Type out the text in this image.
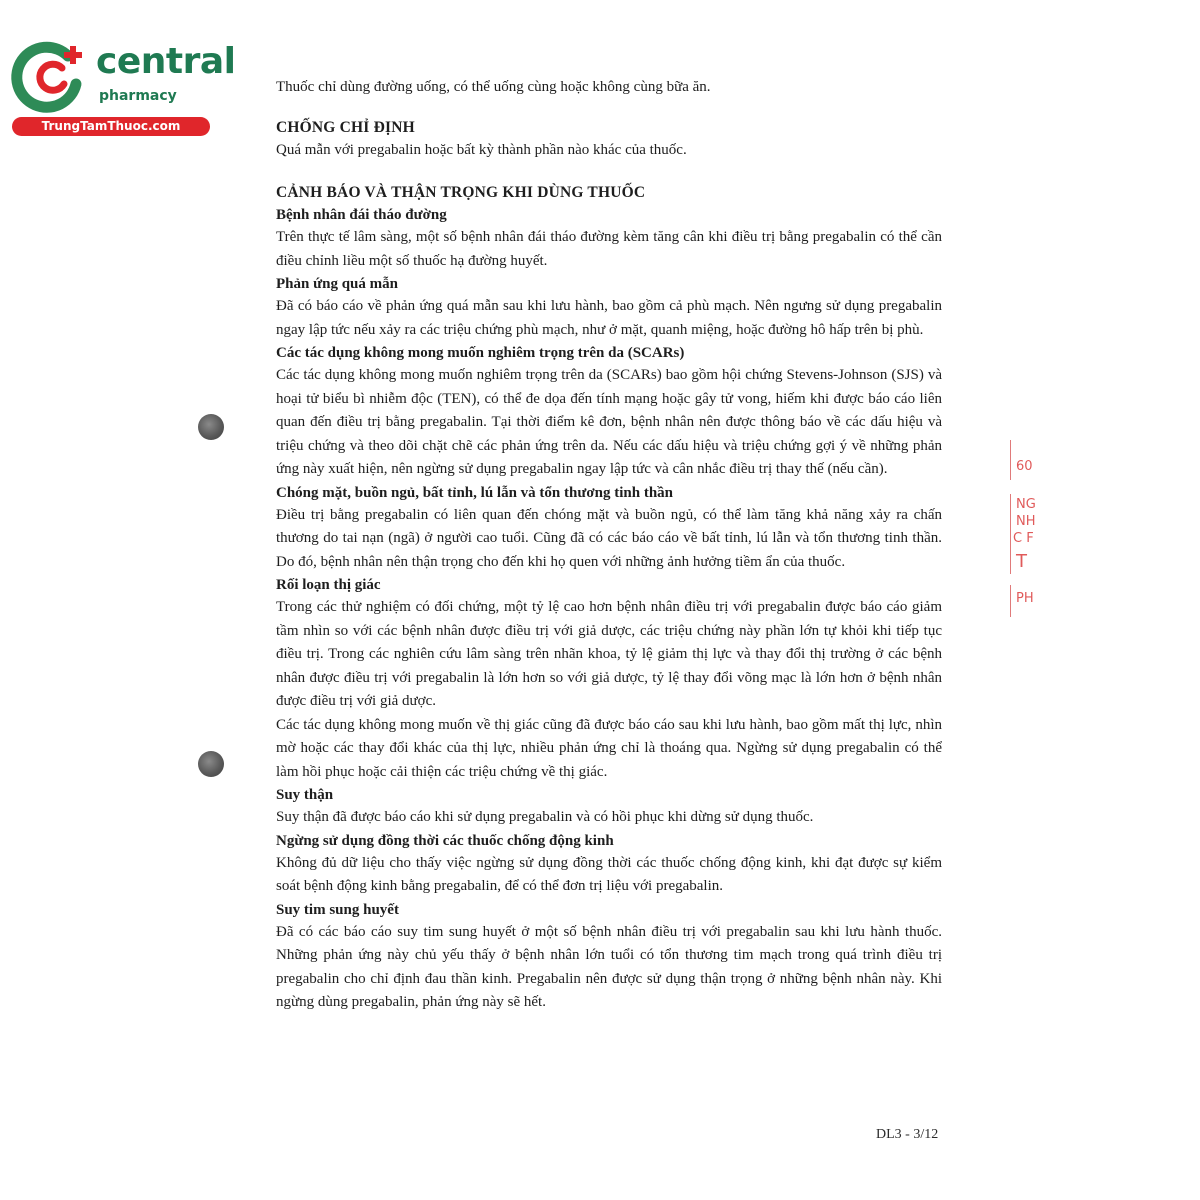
central
pharmacy
TrungTamThuoc.com

Thuốc chỉ dùng đường uống, có thể uống cùng hoặc không cùng bữa ăn.

CHỐNG CHỈ ĐỊNH

Quá mẫn với pregabalin hoặc bất kỳ thành phần nào khác của thuốc.

CẢNH BÁO VÀ THẬN TRỌNG KHI DÙNG THUỐC

Bệnh nhân đái tháo đường

Trên thực tế lâm sàng, một số bệnh nhân đái tháo đường kèm tăng cân khi điều trị bằng pregabalin có thể cần điều chỉnh liều một số thuốc hạ đường huyết.

Phản ứng quá mẫn

Đã có báo cáo về phản ứng quá mẫn sau khi lưu hành, bao gồm cả phù mạch. Nên ngưng sử dụng pregabalin ngay lập tức nếu xảy ra các triệu chứng phù mạch, như ở mặt, quanh miệng, hoặc đường hô hấp trên bị phù.

Các tác dụng không mong muốn nghiêm trọng trên da (SCARs)

Các tác dụng không mong muốn nghiêm trọng trên da (SCARs) bao gồm hội chứng Stevens-Johnson (SJS) và hoại tử biểu bì nhiễm độc (TEN), có thể đe dọa đến tính mạng hoặc gây tử vong, hiếm khi được báo cáo liên quan đến điều trị bằng pregabalin. Tại thời điểm kê đơn, bệnh nhân nên được thông báo về các dấu hiệu và triệu chứng và theo dõi chặt chẽ các phản ứng trên da. Nếu các dấu hiệu và triệu chứng gợi ý về những phản ứng này xuất hiện, nên ngừng sử dụng pregabalin ngay lập tức và cân nhắc điều trị thay thế (nếu cần).

Chóng mặt, buồn ngủ, bất tỉnh, lú lẫn và tổn thương tinh thần

Điều trị bằng pregabalin có liên quan đến chóng mặt và buồn ngủ, có thể làm tăng khả năng xảy ra chấn thương do tai nạn (ngã) ở người cao tuổi. Cũng đã có các báo cáo về bất tỉnh, lú lẫn và tổn thương tinh thần. Do đó, bệnh nhân nên thận trọng cho đến khi họ quen với những ảnh hưởng tiềm ẩn của thuốc.

Rối loạn thị giác

Trong các thử nghiệm có đối chứng, một tỷ lệ cao hơn bệnh nhân điều trị với pregabalin được báo cáo giảm tầm nhìn so với các bệnh nhân được điều trị với giả dược, các triệu chứng này phần lớn tự khỏi khi tiếp tục điều trị. Trong các nghiên cứu lâm sàng trên nhãn khoa, tỷ lệ giảm thị lực và thay đổi thị trường ở các bệnh nhân được điều trị với pregabalin là lớn hơn so với giả dược, tỷ lệ thay đổi võng mạc là lớn hơn ở bệnh nhân được điều trị với giả dược.

Các tác dụng không mong muốn về thị giác cũng đã được báo cáo sau khi lưu hành, bao gồm mất thị lực, nhìn mờ hoặc các thay đổi khác của thị lực, nhiều phản ứng chỉ là thoáng qua. Ngừng sử dụng pregabalin có thể làm hồi phục hoặc cải thiện các triệu chứng về thị giác.

Suy thận

Suy thận đã được báo cáo khi sử dụng pregabalin và có hồi phục khi dừng sử dụng thuốc.

Ngừng sử dụng đồng thời các thuốc chống động kinh

Không đủ dữ liệu cho thấy việc ngừng sử dụng đồng thời các thuốc chống động kinh, khi đạt được sự kiểm soát bệnh động kinh bằng pregabalin, để có thể đơn trị liệu với pregabalin.

Suy tim sung huyết

Đã có các báo cáo suy tim sung huyết ở một số bệnh nhân điều trị với pregabalin sau khi lưu hành thuốc. Những phản ứng này chủ yếu thấy ở bệnh nhân lớn tuổi có tổn thương tim mạch trong quá trình điều trị pregabalin cho chỉ định đau thần kinh. Pregabalin nên được sử dụng thận trọng ở những bệnh nhân này. Khi ngừng dùng pregabalin, phản ứng này sẽ hết.

DL3 - 3/12
60
NG
NH
C F
T
PH
